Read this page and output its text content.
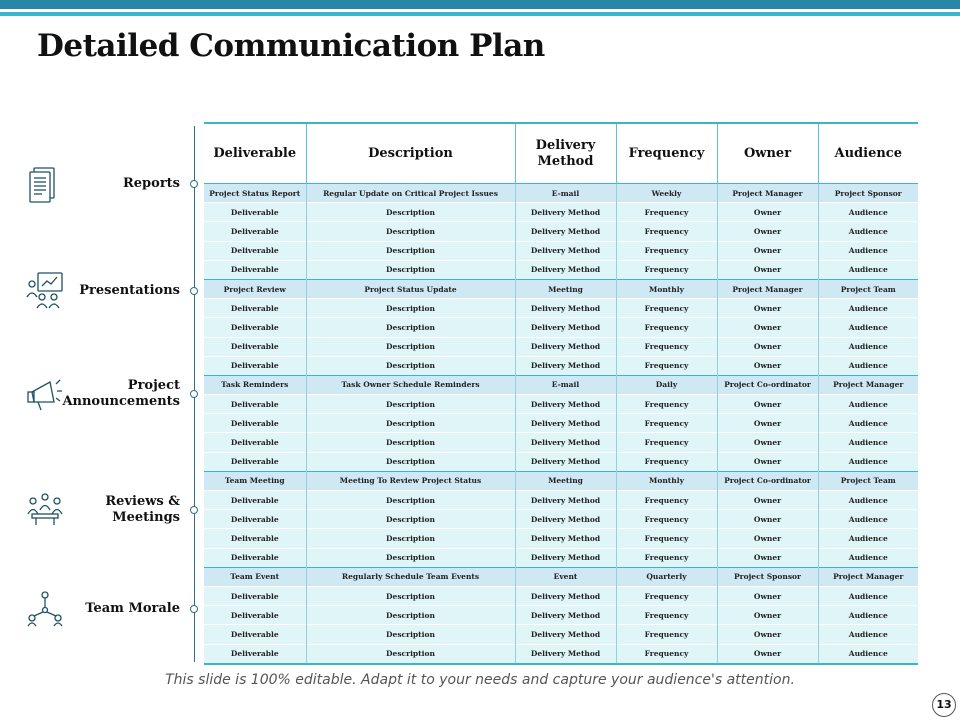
Detailed Communication Plan
Reports
Presentations
Project
Announcements
Reviews &
Meetings
Team Morale
Deliverable	Description	Delivery Method	Frequency	Owner	Audience
Project Status Report	Regular Update on Critical Project Issues	E-mail	Weekly	Project Manager	Project Sponsor
Deliverable	Description	Delivery Method	Frequency	Owner	Audience
Deliverable	Description	Delivery Method	Frequency	Owner	Audience
Deliverable	Description	Delivery Method	Frequency	Owner	Audience
Deliverable	Description	Delivery Method	Frequency	Owner	Audience
Project Review	Project Status Update	Meeting	Monthly	Project Manager	Project Team
Deliverable	Description	Delivery Method	Frequency	Owner	Audience
Deliverable	Description	Delivery Method	Frequency	Owner	Audience
Deliverable	Description	Delivery Method	Frequency	Owner	Audience
Deliverable	Description	Delivery Method	Frequency	Owner	Audience
Task Reminders	Task Owner Schedule Reminders	E-mail	Daily	Project Co-ordinator	Project Manager
Deliverable	Description	Delivery Method	Frequency	Owner	Audience
Deliverable	Description	Delivery Method	Frequency	Owner	Audience
Deliverable	Description	Delivery Method	Frequency	Owner	Audience
Deliverable	Description	Delivery Method	Frequency	Owner	Audience
Team Meeting	Meeting To Review Project Status	Meeting	Monthly	Project Co-ordinator	Project Team
Deliverable	Description	Delivery Method	Frequency	Owner	Audience
Deliverable	Description	Delivery Method	Frequency	Owner	Audience
Deliverable	Description	Delivery Method	Frequency	Owner	Audience
Deliverable	Description	Delivery Method	Frequency	Owner	Audience
Team Event	Regularly Schedule Team Events	Event	Quarterly	Project Sponsor	Project Manager
Deliverable	Description	Delivery Method	Frequency	Owner	Audience
Deliverable	Description	Delivery Method	Frequency	Owner	Audience
Deliverable	Description	Delivery Method	Frequency	Owner	Audience
Deliverable	Description	Delivery Method	Frequency	Owner	Audience
This slide is 100% editable. Adapt it to your needs and capture your audience's attention.
13
